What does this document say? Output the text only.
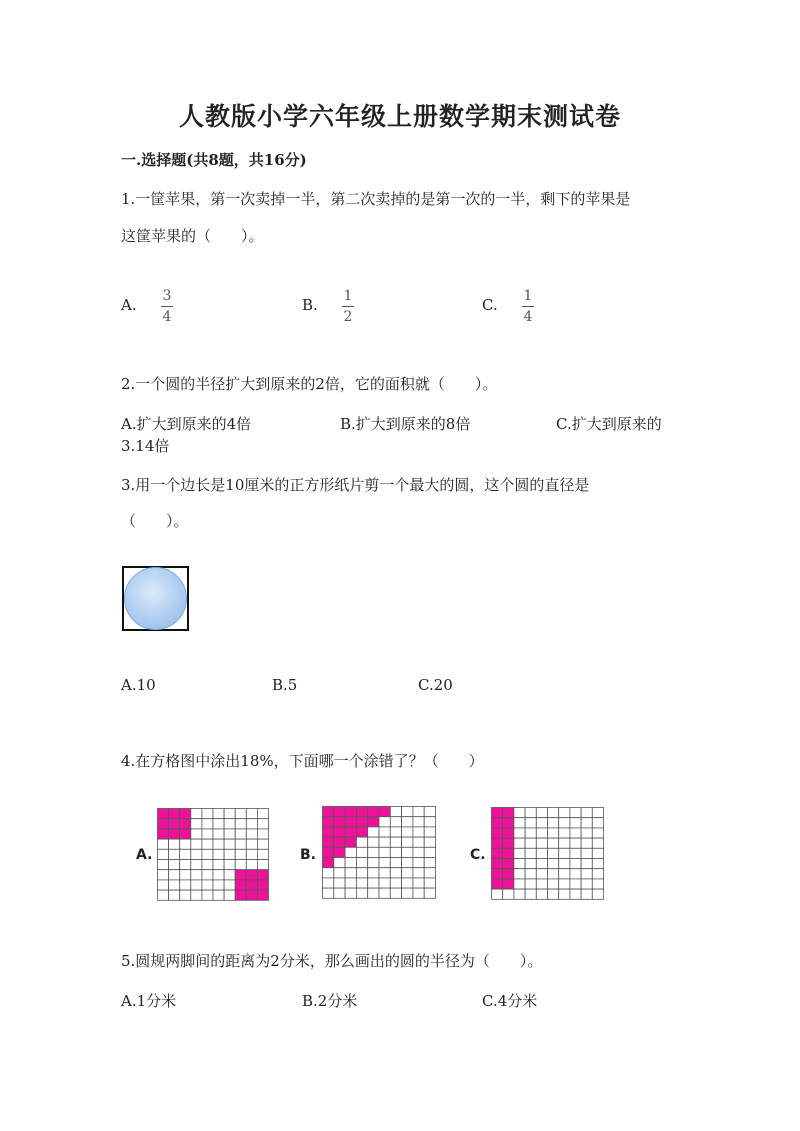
人教版小学六年级上册数学期末测试卷
一.选择题(共8题，共16分)
1.一筐苹果，第一次卖掉一半，第二次卖掉的是第一次的一半，剩下的苹果是
这筐苹果的（　　）。
A. 3
4
B. 1
2
C. 1
4
2.一个圆的半径扩大到原来的2倍，它的面积就（　　）。
A.扩大到原来的4倍	B.扩大到原来的8倍	C.扩大到原来的
3.14倍
3.用一个边长是10厘米的正方形纸片剪一个最大的圆，这个圆的直径是
（　　）。
A.10	B.5	C.20
4.在方格图中涂出18%，下面哪一个涂错了？（　　）
A.	B.	C.
5.圆规两脚间的距离为2分米，那么画出的圆的半径为（　　）。
A.1分米	B.2分米	C.4分米
